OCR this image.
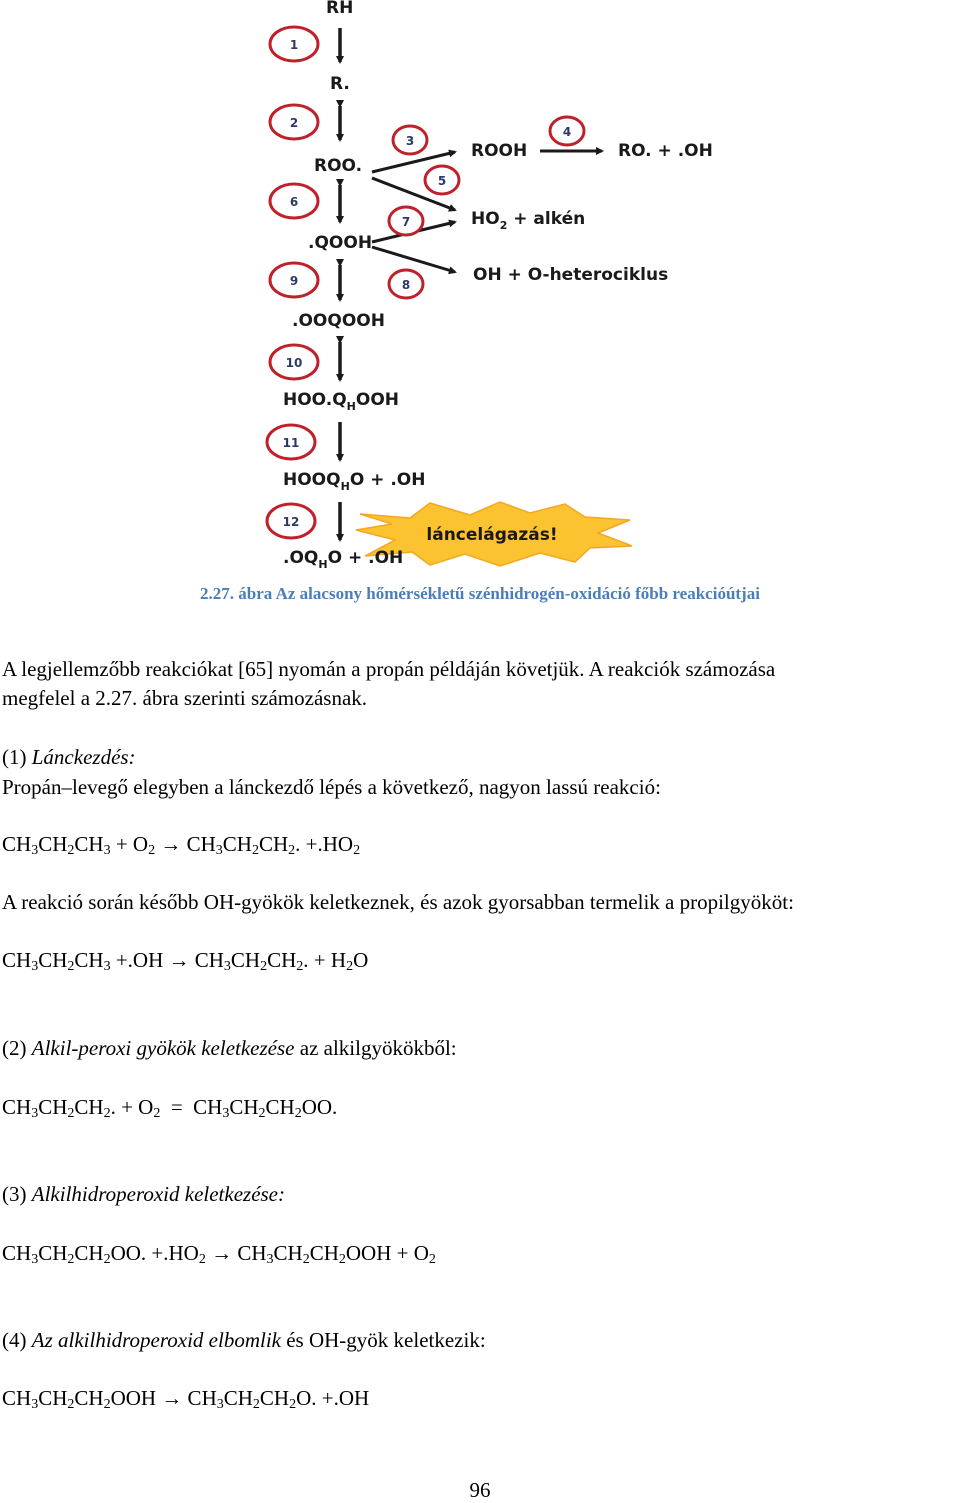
1
2
3
4
5
6
7
8
9
10
11
12
láncelágazás!
RH
R.
ROO.
.QOOH
.OOQOOH
$HOO.Q_HOOH$
$HOOQ_HO + .OH$
$.OQ_HO + .OH$
ROOH	RO. + .OH
$HO_2$ + alkén
OH + O-heterociklus
2.27. ábra Az alacsony hőmérsékletű szénhidrogén-oxidáció főbb reakcióútjai
A legjellemzőbb reakciókat [65] nyomán a propán példáján követjük. A reakciók számozása
megfelel a 2.27. ábra szerinti számozásnak.
(1) Lánckezdés:
Propán–levegő elegyben a lánckezdő lépés a következő, nagyon lassú reakció:
$CH_3CH_2CH_3 + O_2 \to CH_3CH_2CH_2$. $+.HO_2$
A reakció során később OH-gyökök keletkeznek, és azok gyorsabban termelik a propilgyököt:
$CH_3CH_2CH_3 +.OH \to CH_3CH_2CH_2$. + $H_2O$
(2) Alkil-peroxi gyökök keletkezése az alkilgyökökből:
$CH_3CH_2CH_2$. + $O_2 = CH_3CH_2CH_2OO$.
(3) Alkilhidroperoxid keletkezése:
$CH_3CH_2CH_2OO$. $+.HO_2 \to CH_3CH_2CH_2OOH + O_2$
(4) Az alkilhidroperoxid elbomlik és OH-gyök keletkezik:
$CH_3CH_2CH_2OOH \to CH_3CH_2CH_2O$. +.OH
96
